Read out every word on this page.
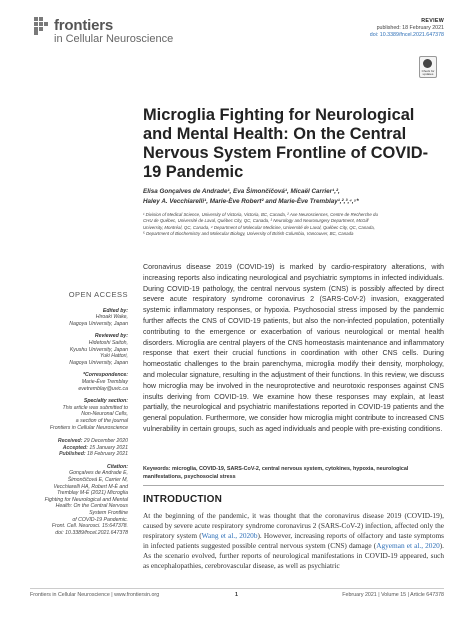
frontiers
in Cellular Neuroscience
REVIEW
published: 18 February 2021
doi: 10.3389/fncel.2021.647378
Check for updates
Microglia Fighting for Neurological and Mental Health: On the Central Nervous System Frontline of COVID-19 Pandemic
Elisa Gonçalves de Andrade¹, Eva Šimončičová¹, Micaël Carrier¹,²,
Haley A. Vecchiarelli¹, Marie-Ève Robert² and Marie-Ève Tremblay¹,²,³,⁴,⁵*

¹ Division of Medical Science, University of Victoria, Victoria, BC, Canada, ² Axe Neurosciences, Centre de Recherche du

CHU de Québec, Université de Laval, Québec City, QC, Canada, ³ Neurology and Neurosurgery Department, McGill

University, Montréal, QC, Canada, ⁴ Department of Molecular Medicine, Université de Laval, Québec City, QC, Canada,

⁵ Department of Biochemistry and Molecular Biology, University of British Columbia, Vancouver, BC, Canada

Coronavirus disease 2019 (COVID-19) is marked by cardio-respiratory alterations, with increasing reports also indicating neurological and psychiatric symptoms in infected individuals. During COVID-19 pathology, the central nervous system (CNS) is possibly affected by direct severe acute respiratory syndrome coronavirus 2 (SARS-CoV-2) invasion, exaggerated systemic inflammatory responses, or hypoxia. Psychosocial stress imposed by the pandemic further affects the CNS of COVID-19 patients, but also the non-infected population, potentially contributing to the emergence or exacerbation of various neurological or mental health disorders. Microglia are central players of the CNS homeostasis maintenance and inflammatory response that exert their crucial functions in coordination with other CNS cells. During homeostatic challenges to the brain parenchyma, microglia modify their density, morphology, and molecular signature, resulting in the adjustment of their functions. In this review, we discuss how microglia may be involved in the neuroprotective and neurotoxic responses against CNS insults deriving from COVID-19. We examine how these responses may explain, at least partially, the neurological and psychiatric manifestations reported in COVID-19 patients and the general population. Furthermore, we consider how microglia might contribute to increased CNS vulnerability in certain groups, such as aged individuals and people with pre-existing conditions.

Keywords: microglia, COVID-19, SARS-CoV-2, central nervous system, cytokines, hypoxia, neurological manifestations, psychosocial stress
OPEN ACCESS
Edited by:
Hiroaki Wake,
Nagoya University, Japan
Reviewed by:
Hidetoshi Saitoh,
Kyushu University, Japan
Yuki Hattori,
Nagoya University, Japan
*Correspondence:
Marie-Ève Tremblay
evetremblay@uvic.ca
Specialty section:
This article was submitted to
Non-Neuronal Cells,
a section of the journal
Frontiers in Cellular Neuroscience
Received: 29 December 2020
Accepted: 15 January 2021
Published: 18 February 2021
Citation:
Gonçalves de Andrade E,
Šimončičová E, Carrier M,
Vecchiarelli HA, Robert M-È and
Tremblay M-È (2021) Microglia
Fighting for Neurological and Mental
Health: On the Central Nervous
System Frontline
of COVID-19 Pandemic.
Front. Cell. Neurosci. 15:647378.
doi: 10.3389/fncel.2021.647378
INTRODUCTION

At the beginning of the pandemic, it was thought that the coronavirus disease 2019 (COVID-19), caused by severe acute respiratory syndrome coronavirus 2 (SARS-CoV-2) infection, affected only the respiratory system (Wang et al., 2020b). However, increasing reports of olfactory and taste symptoms in infected patients suggested possible central nervous system (CNS) damage (Agyeman et al., 2020). As the scenario evolved, further reports of neurological manifestations in COVID-19 appeared, such as encephalopathies, cerebrovascular disease, as well as psychiatric

Frontiers in Cellular Neuroscience | www.frontiersin.org	1	February 2021 | Volume 15 | Article 647378
